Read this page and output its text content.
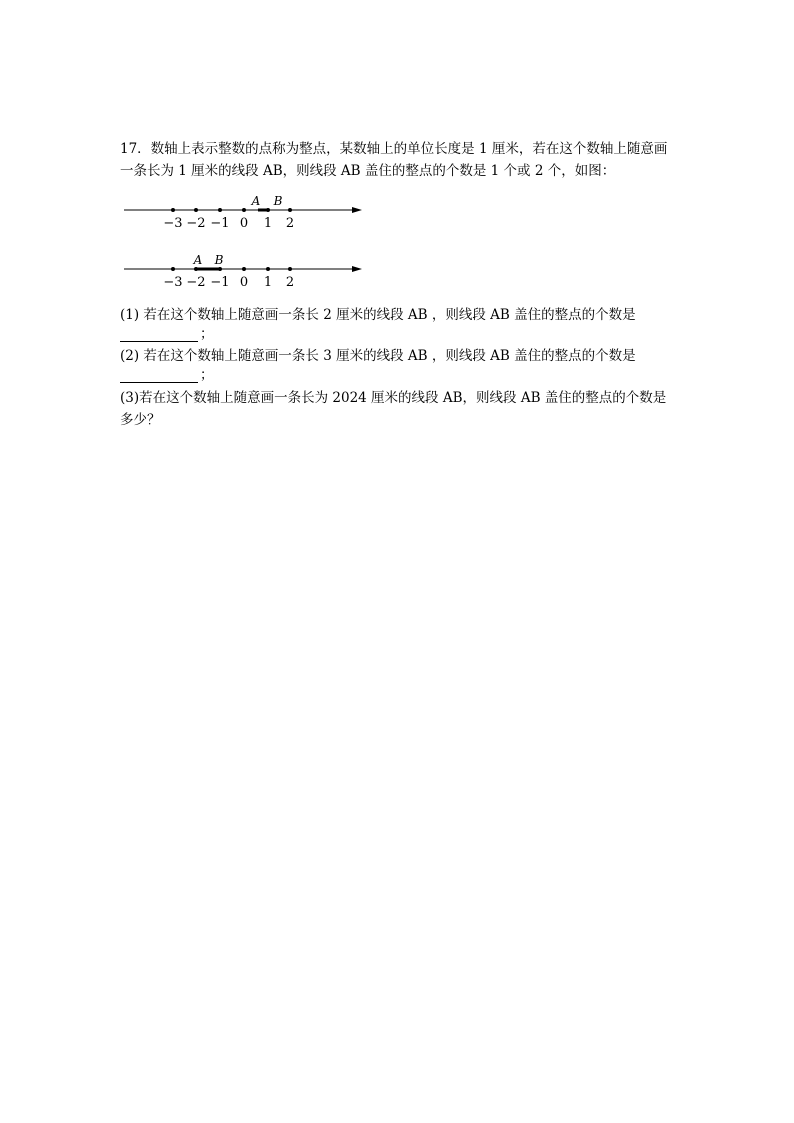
17．数轴上表示整数的点称为整点，某数轴上的单位长度是 1 厘米，若在这个数轴上随意画
一条长为 1 厘米的线段 AB，则线段 AB 盖住的整点的个数是 1 个或 2 个，如图：
A B
−3 −2 −1 0 1 2
A B
−3 −2 −1 0 1 2
(1) 若在这个数轴上随意画一条长 2 厘米的线段 AB ，则线段 AB 盖住的整点的个数是
；
(2) 若在这个数轴上随意画一条长 3 厘米的线段 AB ，则线段 AB 盖住的整点的个数是
；
(3)若在这个数轴上随意画一条长为 2024 厘米的线段 AB，则线段 AB 盖住的整点的个数是
多少？
